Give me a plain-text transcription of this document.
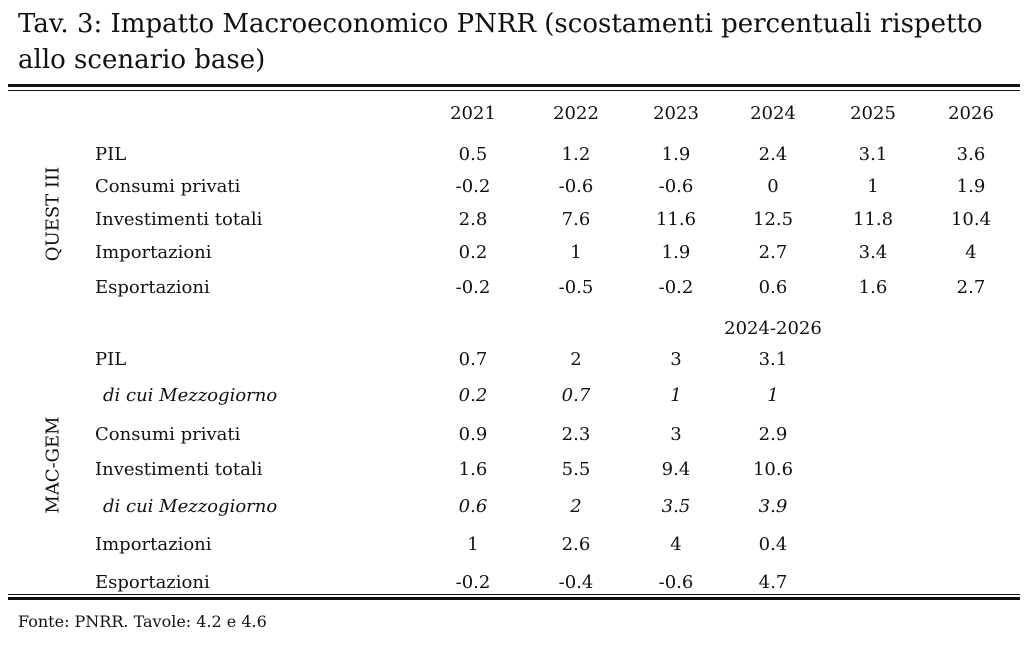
Tav. 3: Impatto Macroeconomico PNRR (scostamenti percentuali rispetto allo scenario base)
2021	2022	2023	2024	2025	2026
PIL	0.5	1.2	1.9	2.4	3.1	3.6
Consumi privati	-0.2	-0.6	-0.6	0	1	1.9
Investimenti totali	2.8	7.6	11.6	12.5	11.8	10.4
Importazioni	0.2	1	1.9	2.7	3.4	4
Esportazioni	-0.2	-0.5	-0.2	0.6	1.6	2.7
2024-2026
PIL	0.7	2	3	3.1
di cui Mezzogiorno	0.2	0.7	1	1
Consumi privati	0.9	2.3	3	2.9
Investimenti totali	1.6	5.5	9.4	10.6
di cui Mezzogiorno	0.6	2	3.5	3.9
Importazioni	1	2.6	4	0.4
Esportazioni	-0.2	-0.4	-0.6	4.7
QUEST III
MAC-GEM
Fonte: PNRR. Tavole: 4.2 e 4.6
